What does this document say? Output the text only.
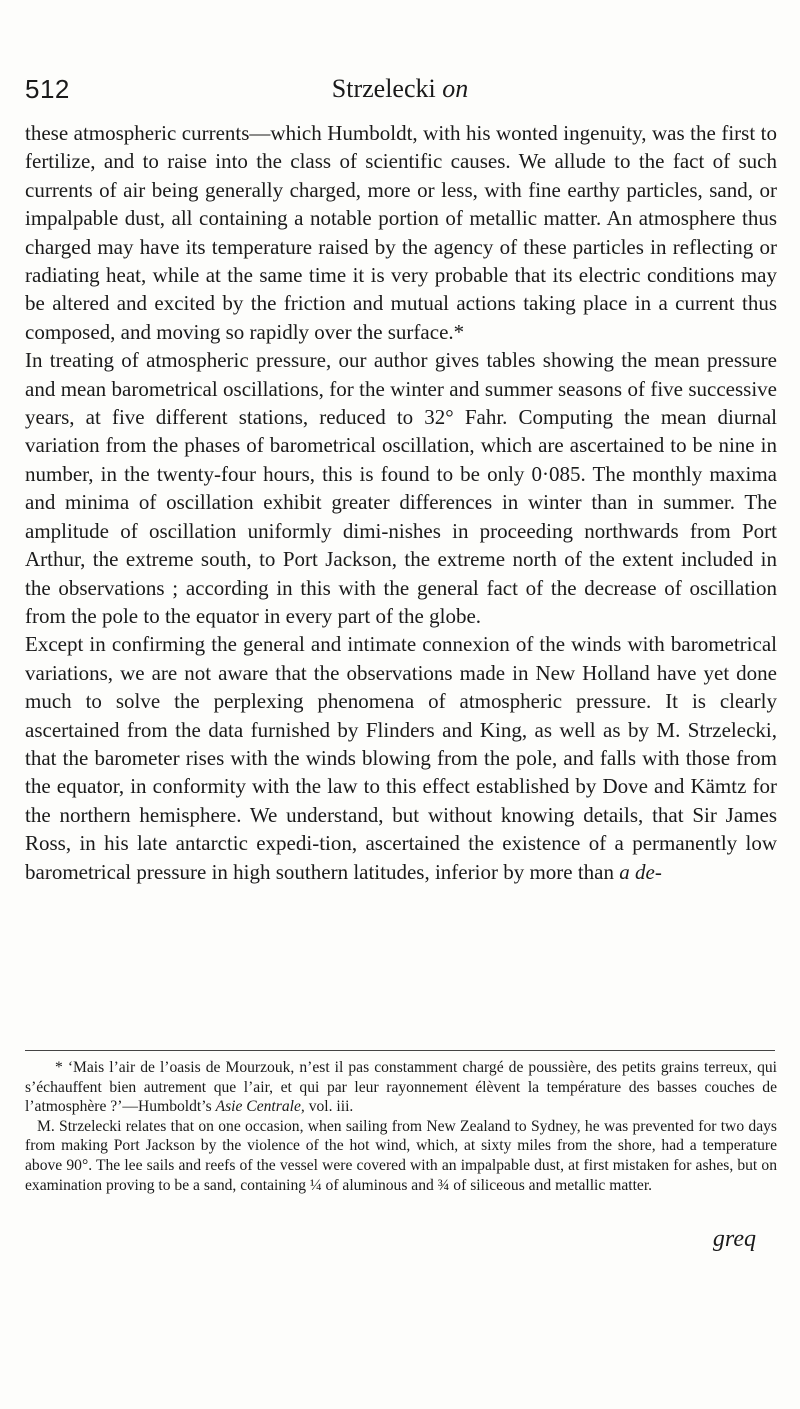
512	Strzelecki on

these atmospheric currents—which Humboldt, with his wonted ingenuity, was the first to fertilize, and to raise into the class of scientific causes. We allude to the fact of such currents of air being generally charged, more or less, with fine earthy particles, sand, or impalpable dust, all containing a notable portion of metallic matter. An atmosphere thus charged may have its temperature raised by the agency of these particles in reflecting or radiating heat, while at the same time it is very probable that its electric conditions may be altered and excited by the friction and mutual actions taking place in a current thus composed, and moving so rapidly over the surface.*

In treating of atmospheric pressure, our author gives tables showing the mean pressure and mean barometrical oscillations, for the winter and summer seasons of five successive years, at five different stations, reduced to 32° Fahr. Computing the mean diurnal variation from the phases of barometrical oscillation, which are ascertained to be nine in number, in the twenty-four hours, this is found to be only 0·085. The monthly maxima and minima of oscillation exhibit greater differences in winter than in summer. The amplitude of oscillation uniformly dimi-nishes in proceeding northwards from Port Arthur, the extreme south, to Port Jackson, the extreme north of the extent included in the observations ; according in this with the general fact of the decrease of oscillation from the pole to the equator in every part of the globe.

Except in confirming the general and intimate connexion of the winds with barometrical variations, we are not aware that the observations made in New Holland have yet done much to solve the perplexing phenomena of atmospheric pressure. It is clearly ascertained from the data furnished by Flinders and King, as well as by M. Strzelecki, that the barometer rises with the winds blowing from the pole, and falls with those from the equator, in conformity with the law to this effect established by Dove and Kämtz for the northern hemisphere. We understand, but without knowing details, that Sir James Ross, in his late antarctic expedi-tion, ascertained the existence of a permanently low barometrical pressure in high southern latitudes, inferior by more than a de-

* ‘Mais l’air de l’oasis de Mourzouk, n’est il pas constamment chargé de poussière, des petits grains terreux, qui s’échauffent bien autrement que l’air, et qui par leur rayonnement élèvent la température des basses couches de l’atmosphère ?’—Humboldt’s Asie Centrale, vol. iii.

M. Strzelecki relates that on one occasion, when sailing from New Zealand to Sydney, he was prevented for two days from making Port Jackson by the violence of the hot wind, which, at sixty miles from the shore, had a temperature above 90°. The lee sails and reefs of the vessel were covered with an impalpable dust, at first mistaken for ashes, but on examination proving to be a sand, containing ¼ of aluminous and ¾ of siliceous and metallic matter.

greq
